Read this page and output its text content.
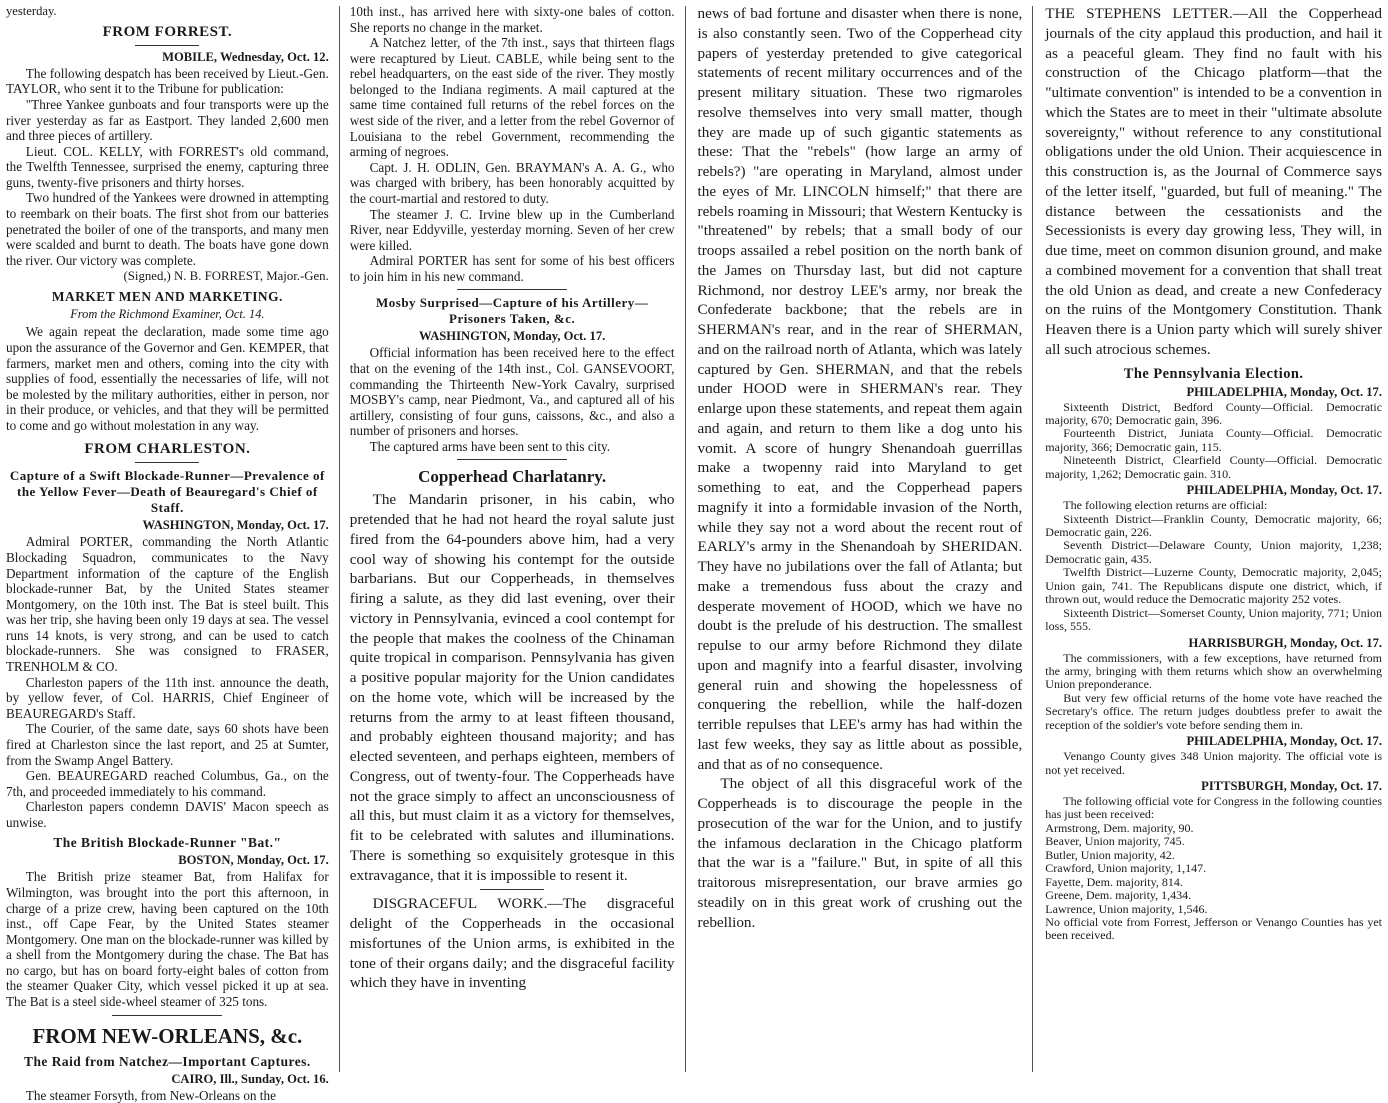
yesterday.

FROM FORREST.
MOBILE, Wednesday, Oct. 12.

The following despatch has been received by Lieut.-Gen. TAYLOR, who sent it to the Tribune for publication:

"Three Yankee gunboats and four transports were up the river yesterday as far as Eastport. They landed 2,600 men and three pieces of artillery.

Lieut. COL. KELLY, with FORREST's old command, the Twelfth Tennessee, surprised the enemy, capturing three guns, twenty-five prisoners and thirty horses.

Two hundred of the Yankees were drowned in attempting to reembark on their boats. The first shot from our batteries penetrated the boiler of one of the transports, and many men were scalded and burnt to death. The boats have gone down the river. Our victory was complete.

(Signed,) N. B. FORREST, Major.-Gen.
MARKET MEN AND MARKETING.
From the Richmond Examiner, Oct. 14.

We again repeat the declaration, made some time ago upon the assurance of the Governor and Gen. KEMPER, that farmers, market men and others, coming into the city with supplies of food, essentially the necessaries of life, will not be molested by the military authorities, either in person, nor in their produce, or vehicles, and that they will be permitted to come and go without molestation in any way.

FROM CHARLESTON.
Capture of a Swift Blockade-Runner—Prevalence of the Yellow Fever—Death of Beauregard's Chief of Staff.
WASHINGTON, Monday, Oct. 17.

Admiral PORTER, commanding the North Atlantic Blockading Squadron, communicates to the Navy Department information of the capture of the English blockade-runner Bat, by the United States steamer Montgomery, on the 10th inst. The Bat is steel built. This was her trip, she having been only 19 days at sea. The vessel runs 14 knots, is very strong, and can be used to catch blockade-runners. She was consigned to FRASER, TRENHOLM & CO.

Charleston papers of the 11th inst. announce the death, by yellow fever, of Col. HARRIS, Chief Engineer of BEAUREGARD's Staff.

The Courier, of the same date, says 60 shots have been fired at Charleston since the last report, and 25 at Sumter, from the Swamp Angel Battery.

Gen. BEAUREGARD reached Columbus, Ga., on the 7th, and proceeded immediately to his command.

Charleston papers condemn DAVIS' Macon speech as unwise.

The British Blockade-Runner "Bat."
BOSTON, Monday, Oct. 17.

The British prize steamer Bat, from Halifax for Wilmington, was brought into the port this afternoon, in charge of a prize crew, having been captured on the 10th inst., off Cape Fear, by the United States steamer Montgomery. One man on the blockade-runner was killed by a shell from the Montgomery during the chase. The Bat has no cargo, but has on board forty-eight bales of cotton from the steamer Quaker City, which vessel picked it up at sea. The Bat is a steel side-wheel steamer of 325 tons.

FROM NEW-ORLEANS, &c.
The Raid from Natchez—Important Captures.
CAIRO, Ill., Sunday, Oct. 16.

The steamer Forsyth, from New-Orleans on the

10th inst., has arrived here with sixty-one bales of cotton. She reports no change in the market.

A Natchez letter, of the 7th inst., says that thirteen flags were recaptured by Lieut. CABLE, while being sent to the rebel headquarters, on the east side of the river. They mostly belonged to the Indiana regiments. A mail captured at the same time contained full returns of the rebel forces on the west side of the river, and a letter from the rebel Governor of Louisiana to the rebel Government, recommending the arming of negroes.

Capt. J. H. ODLIN, Gen. BRAYMAN's A. A. G., who was charged with bribery, has been honorably acquitted by the court-martial and restored to duty.

The steamer J. C. Irvine blew up in the Cumberland River, near Eddyville, yesterday morning. Seven of her crew were killed.

Admiral PORTER has sent for some of his best officers to join him in his new command.

Mosby Surprised—Capture of his Artillery—Prisoners Taken, &c.
WASHINGTON, Monday, Oct. 17.

Official information has been received here to the effect that on the evening of the 14th inst., Col. GANSEVOORT, commanding the Thirteenth New-York Cavalry, surprised MOSBY's camp, near Piedmont, Va., and captured all of his artillery, consisting of four guns, caissons, &c., and also a number of prisoners and horses.

The captured arms have been sent to this city.

Copperhead Charlatanry.

The Mandarin prisoner, in his cabin, who pretended that he had not heard the royal salute just fired from the 64-pounders above him, had a very cool way of showing his contempt for the outside barbarians. But our Copperheads, in themselves firing a salute, as they did last evening, over their victory in Pennsylvania, evinced a cool contempt for the people that makes the coolness of the Chinaman quite tropical in comparison. Pennsylvania has given a positive popular majority for the Union candidates on the home vote, which will be increased by the returns from the army to at least fifteen thousand, and probably eighteen thousand majority; and has elected seventeen, and perhaps eighteen, members of Congress, out of twenty-four. The Copperheads have not the grace simply to affect an unconsciousness of all this, but must claim it as a victory for themselves, fit to be celebrated with salutes and illuminations. There is something so exquisitely grotesque in this extravagance, that it is impossible to resent it.

DISGRACEFUL WORK.—The disgraceful delight of the Copperheads in the occasional misfortunes of the Union arms, is exhibited in the tone of their organs daily; and the disgraceful facility which they have in inventing

news of bad fortune and disaster when there is none, is also constantly seen. Two of the Copperhead city papers of yesterday pretended to give categorical statements of recent military occurrences and of the present military situation. These two rigmaroles resolve themselves into very small matter, though they are made up of such gigantic statements as these: That the "rebels" (how large an army of rebels?) "are operating in Maryland, almost under the eyes of Mr. LINCOLN himself;" that there are rebels roaming in Missouri; that Western Kentucky is "threatened" by rebels; that a small body of our troops assailed a rebel position on the north bank of the James on Thursday last, but did not capture Richmond, nor destroy LEE's army, nor break the Confederate backbone; that the rebels are in SHERMAN's rear, and in the rear of SHERMAN, and on the railroad north of Atlanta, which was lately captured by Gen. SHERMAN, and that the rebels under HOOD were in SHERMAN's rear. They enlarge upon these statements, and repeat them again and again, and return to them like a dog unto his vomit. A score of hungry Shenandoah guerrillas make a twopenny raid into Maryland to get something to eat, and the Copperhead papers magnify it into a formidable invasion of the North, while they say not a word about the recent rout of EARLY's army in the Shenandoah by SHERIDAN. They have no jubilations over the fall of Atlanta; but make a tremendous fuss about the crazy and desperate movement of HOOD, which we have no doubt is the prelude of his destruction. The smallest repulse to our army before Richmond they dilate upon and magnify into a fearful disaster, involving general ruin and showing the hopelessness of conquering the rebellion, while the half-dozen terrible repulses that LEE's army has had within the last few weeks, they say as little about as possible, and that as of no consequence.

The object of all this disgraceful work of the Copperheads is to discourage the people in the prosecution of the war for the Union, and to justify the infamous declaration in the Chicago platform that the war is a "failure." But, in spite of all this traitorous misrepresentation, our brave armies go steadily on in this great work of crushing out the rebellion.

THE STEPHENS LETTER.—All the Copperhead journals of the city applaud this production, and hail it as a peaceful gleam. They find no fault with his construction of the Chicago platform—that the "ultimate convention" is intended to be a convention in which the States are to meet in their "ultimate absolute sovereignty," without reference to any constitutional obligations under the old Union. Their acquiescence in this construction is, as the Journal of Commerce says of the letter itself, "guarded, but full of meaning." The distance between the cessationists and the Secessionists is every day growing less, They will, in due time, meet on common disunion ground, and make a combined movement for a convention that shall treat the old Union as dead, and create a new Confederacy on the ruins of the Montgomery Constitution. Thank Heaven there is a Union party which will surely shiver all such atrocious schemes.

The Pennsylvania Election.
PHILADELPHIA, Monday, Oct. 17.

Sixteenth District, Bedford County—Official. Democratic majority, 670; Democratic gain, 396.

Fourteenth District, Juniata County—Official. Democratic majority, 366; Democratic gain, 115.

Nineteenth District, Clearfield County—Official. Democratic majority, 1,262; Democratic gain. 310.

PHILADELPHIA, Monday, Oct. 17.

The following election returns are official:

Sixteenth District—Franklin County, Democratic majority, 66; Democratic gain, 226.

Seventh District—Delaware County, Union majority, 1,238; Democratic gain, 435.

Twelfth District—Luzerne County, Democratic majority, 2,045; Union gain, 741. The Republicans dispute one district, which, if thrown out, would reduce the Democratic majority 252 votes.

Sixteenth District—Somerset County, Union majority, 771; Union loss, 555.

HARRISBURGH, Monday, Oct. 17.

The commissioners, with a few exceptions, have returned from the army, bringing with them returns which show an overwhelming Union preponderance.

But very few official returns of the home vote have reached the Secretary's office. The return judges doubtless prefer to await the reception of the soldier's vote before sending them in.

PHILADELPHIA, Monday, Oct. 17.

Venango County gives 348 Union majority. The official vote is not yet received.

PITTSBURGH, Monday, Oct. 17.

The following official vote for Congress in the following counties has just been received:

Armstrong, Dem. majority, 90.

Beaver, Union majority, 745.

Butler, Union majority, 42.

Crawford, Union majority, 1,147.

Fayette, Dem. majority, 814.

Greene, Dem. majority, 1,434.

Lawrence, Union majority, 1,546.

No official vote from Forrest, Jefferson or Venango Counties has yet been received.
